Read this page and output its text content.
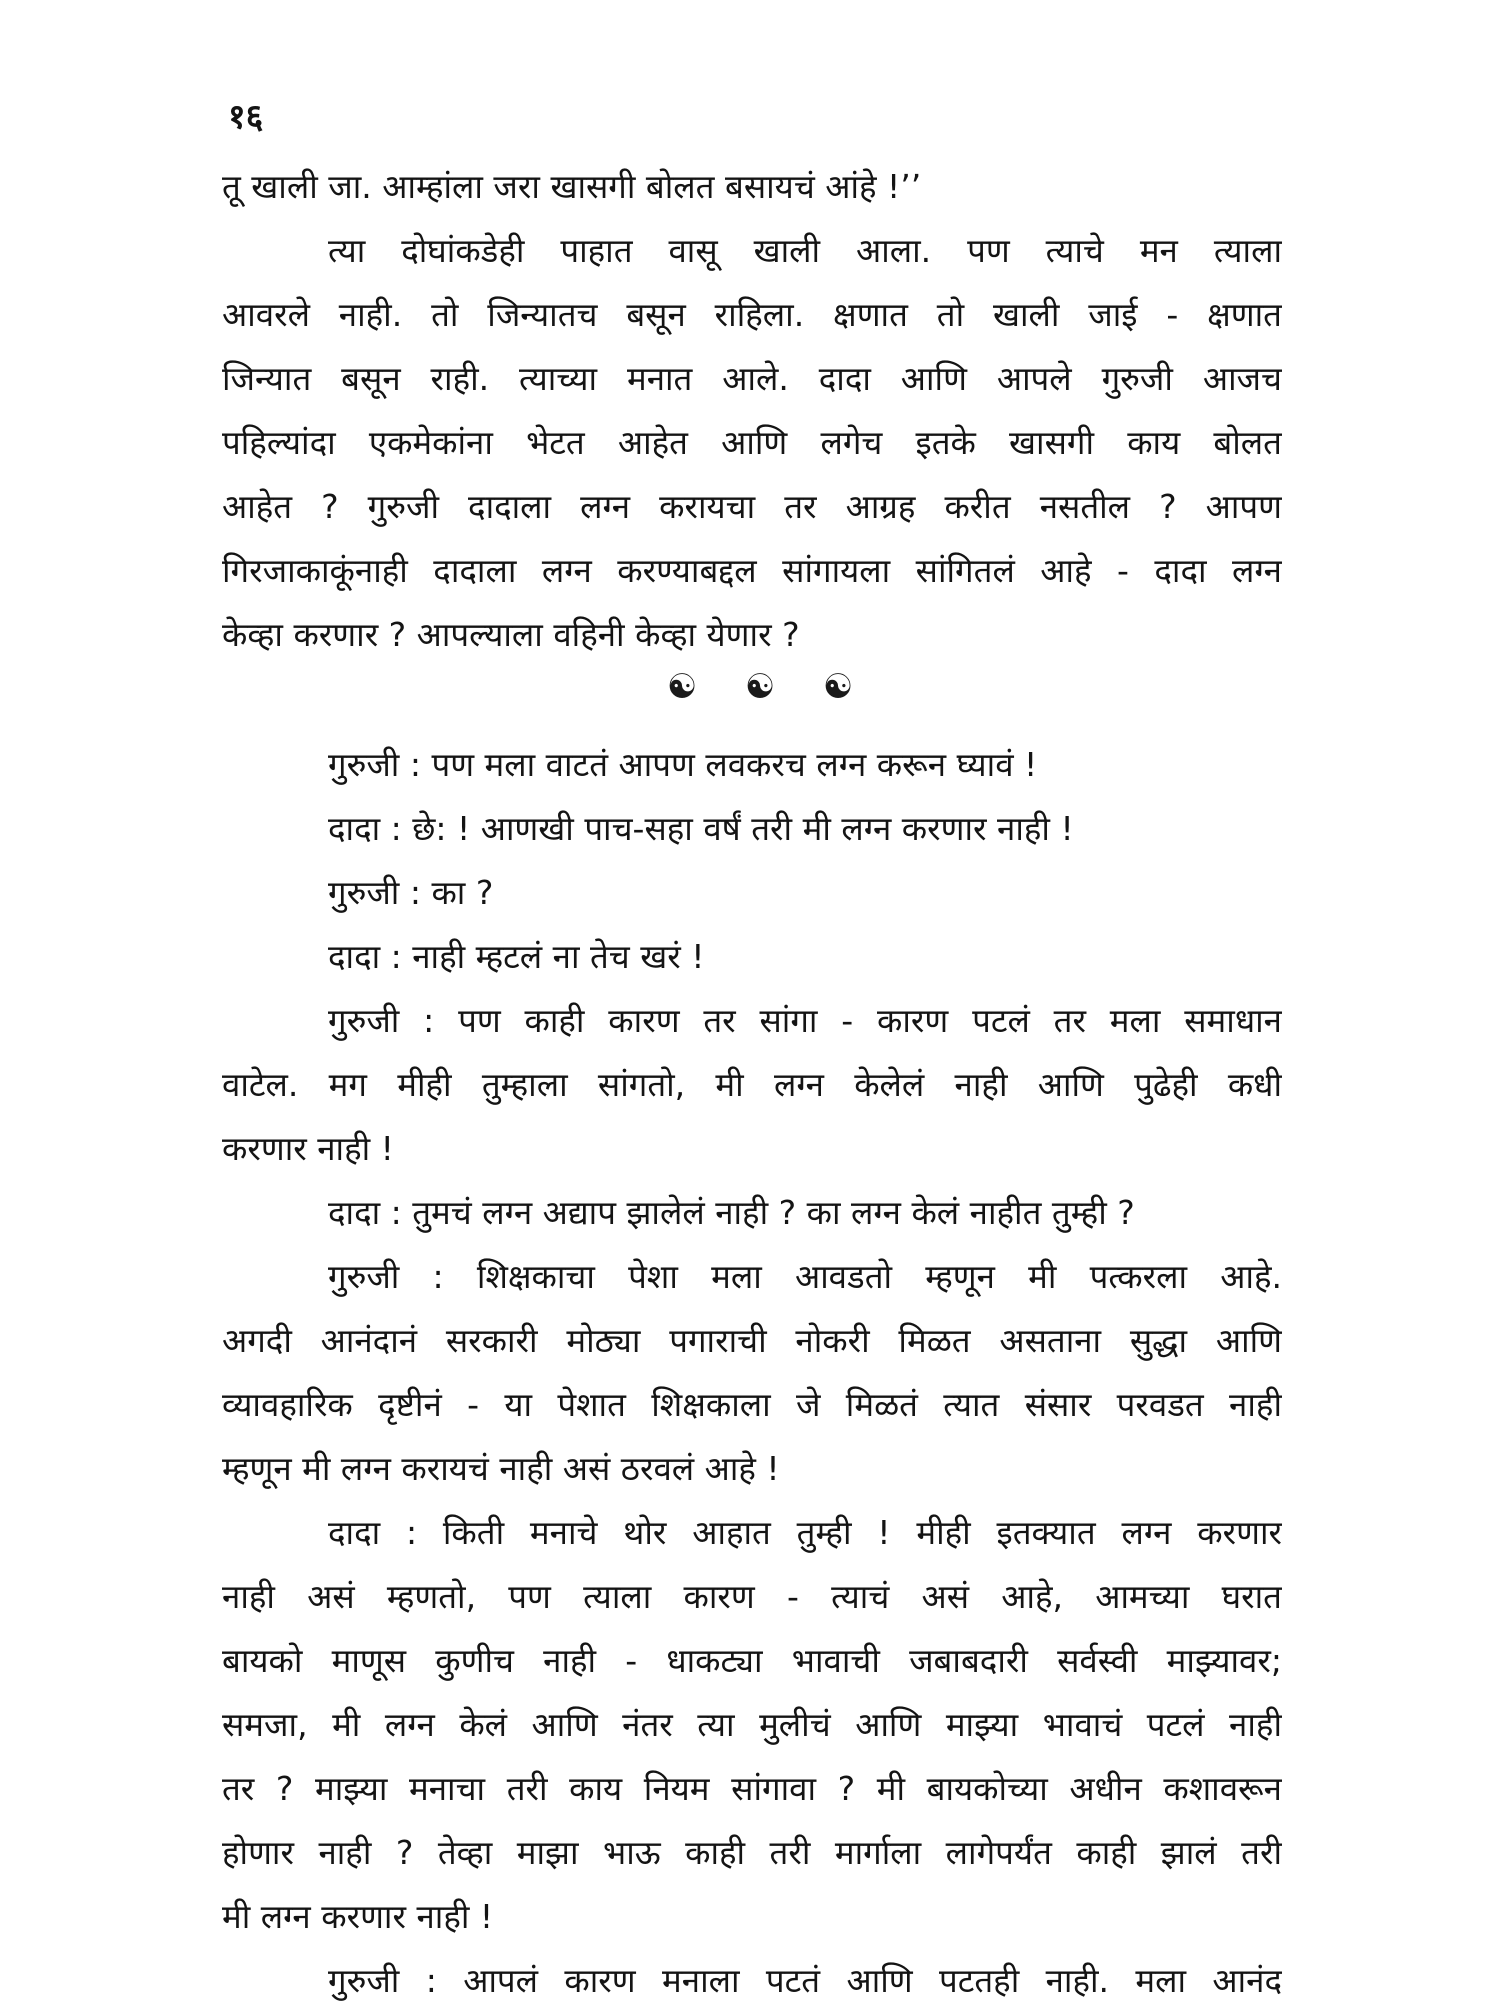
१६

तू खाली जा. आम्हांला जरा खासगी बोलत बसायचं आंहे !’’
त्या दोघांकडेही पाहात वासू खाली आला. पण त्याचे मन त्याला
आवरले नाही. तो जिन्यातच बसून राहिला. क्षणात तो खाली जाई - क्षणात
जिन्यात बसून राही. त्याच्या मनात आले. दादा आणि आपले गुरुजी आजच
पहिल्यांदा एकमेकांना भेटत आहेत आणि लगेच इतके खासगी काय बोलत
आहेत ? गुरुजी दादाला लग्न करायचा तर आग्रह करीत नसतील ? आपण
गिरजाकाकूंनाही दादाला लग्न करण्याबद्दल सांगायला सांगितलं आहे - दादा लग्न
केव्हा करणार ? आपल्याला वहिनी केव्हा येणार ?
☯ ☯ ☯
गुरुजी : पण मला वाटतं आपण लवकरच लग्न करून घ्यावं !
दादा : छे: ! आणखी पाच-सहा वर्षं तरी मी लग्न करणार नाही !
गुरुजी : का ?
दादा : नाही म्हटलं ना तेच खरं !
गुरुजी : पण काही कारण तर सांगा - कारण पटलं तर मला समाधान
वाटेल. मग मीही तुम्हाला सांगतो, मी लग्न केलेलं नाही आणि पुढेही कधी
करणार नाही !
दादा : तुमचं लग्न अद्याप झालेलं नाही ? का लग्न केलं नाहीत तुम्ही ?
गुरुजी : शिक्षकाचा पेशा मला आवडतो म्हणून मी पत्करला आहे.
अगदी आनंदानं सरकारी मोठ्या पगाराची नोकरी मिळत असताना सुद्धा आणि
व्यावहारिक दृष्टीनं - या पेशात शिक्षकाला जे मिळतं त्यात संसार परवडत नाही
म्हणून मी लग्न करायचं नाही असं ठरवलं आहे !
दादा : किती मनाचे थोर आहात तुम्ही ! मीही इतक्यात लग्न करणार
नाही असं म्हणतो, पण त्याला कारण - त्याचं असं आहे, आमच्या घरात
बायको माणूस कुणीच नाही - धाकट्या भावाची जबाबदारी सर्वस्वी माझ्यावर;
समजा, मी लग्न केलं आणि नंतर त्या मुलीचं आणि माझ्या भावाचं पटलं नाही
तर ? माझ्या मनाचा तरी काय नियम सांगावा ? मी बायकोच्या अधीन कशावरून
होणार नाही ? तेव्हा माझा भाऊ काही तरी मार्गाला लागेपर्यंत काही झालं तरी
मी लग्न करणार नाही !
गुरुजी : आपलं कारण मनाला पटतं आणि पटतही नाही. मला आनंद
